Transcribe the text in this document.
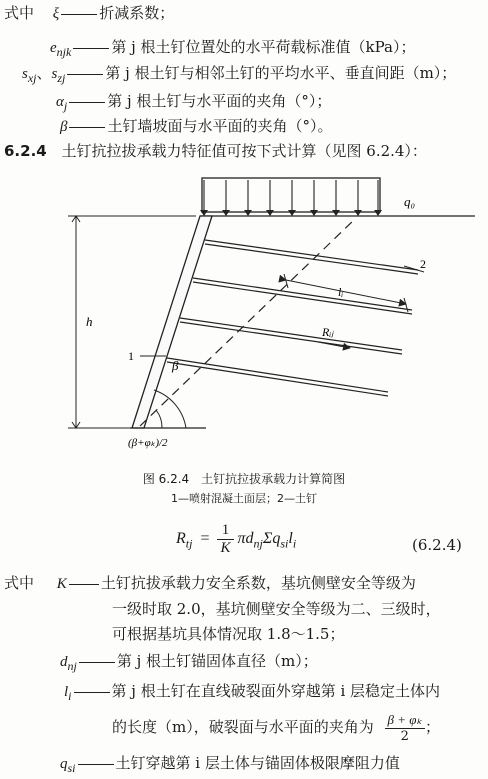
式中 ξ	折减系数；
$e_{njk}$	第 j 根土钉位置处的水平荷载标准值（kPa）；
$s_{xj}$、$s_{zj}$	第 j 根土钉与相邻土钉的平均水平、垂直间距（m）；
$\alpha_j$	第 j 根土钉与水平面的夹角（°）；
β	土钉墙坡面与水平面的夹角（°）。
6.2.4 土钉抗拉拔承载力特征值可按下式计算（见图 6.2.4）：
q₀
h
lᵢ
Rᵢⱼ
2
1
β
(β+φₖ)/2
图 6.2.4　土钉抗拉拔承载力计算简图
1—喷射混凝土面层；2—土钉
$R_{tj} = \frac{1}{K} \pi d_{nj}\Sigma q_{si}l_i$	(6.2.4)
式中 K 土钉抗拔承载力安全系数，基坑侧壁安全等级为
一级时取 2.0，基坑侧壁安全等级为二、三级时，
可根据基坑具体情况取 1.8～1.5；
$d_{nj}$	第 j 根土钉锚固体直径（m）；
$l_i$	第 j 根土钉在直线破裂面外穿越第 i 层稳定土体内
的长度（m），破裂面与水平面的夹角为 $\frac{\text{β + φₖ}}{2}$ ；
$q_{si}$	土钉穿越第 i 层土体与锚固体极限摩阻力值
